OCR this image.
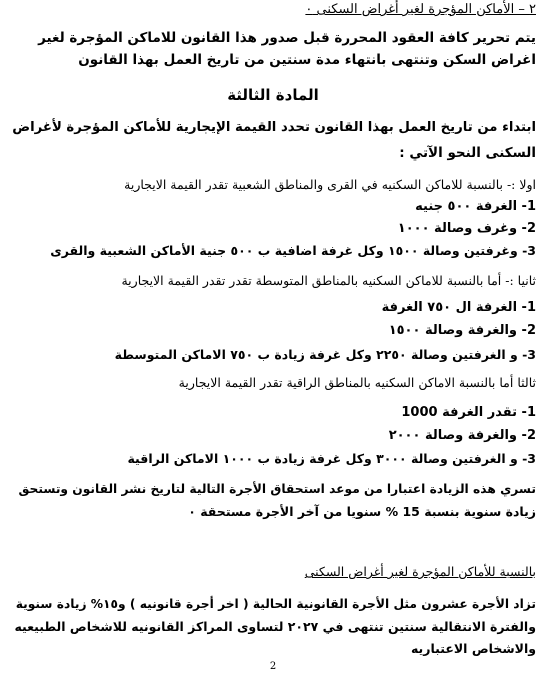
٢ – الأماكن المؤجرة لغير أغراض السكنى ٠
يتم تحرير كافة العقود المحررة قبل صدور هذا القانون للاماكن المؤجرة لغير
اغراض السكن وتنتهى بانتهاء مدة سنتين من تاريخ العمل بهذا القانون
المادة الثالثة
ابتداء من تاريخ العمل بهذا القانون تحدد القيمة الإيجارية للأماكن المؤجرة لأغراض
السكنى النحو الآتي :
اولا :- بالنسبة للاماكن السكنيه في القرى والمناطق الشعبية تقدر القيمة الايجارية
1- الغرفة ٥٠٠ جنيه
2- وغرف وصالة ١٠٠٠
3- وغرفتين وصالة ١٥٠٠ وكل غرفة اضافية ب ٥٠٠ جنية الأماكن الشعبية والقرى
ثانيا :- أما بالنسبة للاماكن السكنيه بالمناطق المتوسطة تقدر تقدر القيمة الايجارية
1- الغرفة ال ٧٥٠ الغرفة
2- والغرفة وصالة ١٥٠٠
3- و الغرفتين وصالة ٢٢٥٠ وكل غرفة زيادة ب ٧٥٠ الاماكن المتوسطة
ثالثا أما بالنسبة الاماكن السكنيه بالمناطق الراقية تقدر القيمة الايجارية
1- تقدر الغرفة 1000
2- والغرفة وصالة ٢٠٠٠
3- و الغرفتين وصالة ٣٠٠٠ وكل غرفة زيادة ب ١٠٠٠ الاماكن الراقية
تسري هذه الزيادة اعتبارا من موعد استحقاق الأجرة التالية لتاريخ نشر القانون وتستحق
زيادة سنوية بنسبة 15 % سنويا من آخر الأجرة مستحقة ٠
بالنسبة للأماكن المؤجرة لغير أغراض السكنى
تزاد الأجرة عشرون مثل الأجرة القانونية الحالية ( اخر أجرة قانونيه ) و١٥% زيادة سنوية
والفترة الانتقالية سنتين تنتهى في ٢٠٢٧ لتساوى المراكز القانونيه للاشخاص الطبيعيه
والاشخاص الاعتباريه
2
